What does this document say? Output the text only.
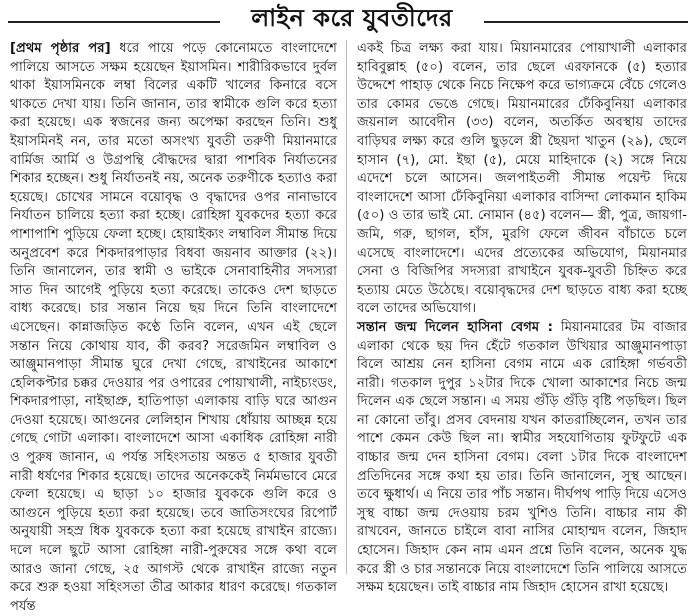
লাইন করে যুবতীদের

[প্রথম পৃষ্ঠার পর] ধরে পায়ে পড়ে কোনোমতে বাংলাদেশে পালিয়ে আসতে সক্ষম হয়েছেন ইয়াসমিন। শারীরিকভাবে দুর্বল থাকা ইয়াসমিনকে লম্বা বিলের একটি খালের কিনারে বসে থাকতে দেখা যায়। তিনি জানান, তার স্বামীকে গুলি করে হত্যা করা হয়েছে। এক স্বজনের জন্য অপেক্ষা করছেন তিনি। শুধু ইয়াসমিনই নন, তার মতো অসংখ্য যুবতী তরুণী মিয়ানমারে বার্মিজ আর্মি ও উগ্রপন্থি বৌদ্ধদের দ্বারা পাশবিক নির্যাতনের শিকার হচ্ছেন। শুধু নির্যাতনই নয়, অনেক তরুণীকে হত্যাও করা হয়েছে। চোখের সামনে বয়োবৃদ্ধ ও বৃদ্ধাদের ওপর নানাভাবে নির্যাতন চালিয়ে হত্যা করা হচ্ছে। রোহিঙ্গা যুবকদের হত্যা করে পাশাপাশি পুড়িয়ে ফেলা হচ্ছে। হোয়াইক্যং লম্বাবিল সীমান্ত দিয়ে অনুপ্রবেশ করে শিকদারপাড়ার বিধবা জয়নাব আক্তার (২২)। তিনি জানালেন, তার স্বামী ও ভাইকে সেনাবাহিনীর সদস্যরা সাত দিন আগেই পুড়িয়ে হত্যা করেছে। তাকেও দেশ ছাড়তে বাধ্য করেছে। চার সন্তান নিয়ে ছয় দিনে তিনি বাংলাদেশে এসেছেন। কান্নাজড়িত কণ্ঠে তিনি বলেন, এখন এই ছেলে সন্তান নিয়ে কোথায় যাব, কী করব? সরেজমিন লম্বাবিল ও আঞ্জুমানপাড়া সীমান্ত ঘুরে দেখা গেছে, রাখাইনের আকাশে হেলিকপ্টার চক্কর দেওয়ার পর ওপারের পোয়াখালী, নাইচ্যংডং, শিকদারপাড়া, নাইছাপ্রু, হাতিপাড়া এলাকায় বাড়ি ঘরে আগুন দেওয়া হয়েছে। আগুনের লেলিহান শিখায় ধোঁয়ায় আচ্ছন্ন হয়ে গেছে গোটা এলাকা। বাংলাদেশে আসা একাধিক রোহিঙ্গা নারী ও পুরুষ জানান, এ পর্যন্ত সহিংসতায় অন্তত ৫ হাজার যুবতী নারী ধর্ষণের শিকার হয়েছে। তাদের অনেককেই নির্মমভাবে মেরে ফেলা হয়েছে। এ ছাড়া ১০ হাজার যুবককে গুলি করে ও আগুনে পুড়িয়ে হত্যা করা হয়েছে। তবে জাতিসংঘের রিপোর্ট অনুযায়ী সহস্র ধিক যুবককে হত্যা করা হয়েছে রাখাইন রাজ্যে। দলে দলে ছুটে আসা রোহিঙ্গা নারী-পুরুষের সঙ্গে কথা বলে আরও জানা গেছে, ২৫ আগস্ট থেকে রাখাইন রাজ্যে নতুন করে শুরু হওয়া সহিংসতা তীব্র আকার ধারণ করেছে। গতকাল পর্যন্ত

একই চিত্র লক্ষ্য করা যায়। মিয়ানমারের পোয়াখালী এলাকার হাবিবুল্লাহ (৫০) বলেন, তার ছেলে এরফানকে (৫) হত্যার উদ্দেশে পাহাড় থেকে নিচে নিক্ষেপ করে ভাগ্যক্রমে বেঁচে গেলেও তার কোমর ভেঙে গেছে। মিয়ানমারের ঢেঁকিবুনিয়া এলাকার জয়নাল আবেদীন (৩৩) বলেন, অতর্কিত অবস্থায় তাদের বাড়িঘর লক্ষ্য করে গুলি ছুড়লে স্ত্রী ছৈয়দা খাতুন (২৯), ছেলে হাসান (৭), মো. ইছা (৫), মেয়ে মাহিদাকে (২) সঙ্গে নিয়ে এদেশে চলে আসেন। জলপাইতলী সীমান্ত পয়েন্ট দিয়ে বাংলাদেশে আসা ঢেঁকিবুনিয়া এলাকার বাসিন্দা লোকমান হাকিম (৫০) ও তার ভাই মো. নোমান (৪৫) বলেন— স্ত্রী, পুত্র, জায়গা-জমি, গরু, ছাগল, হাঁস, মুরগি ফেলে জীবন বাঁচাতে চলে এসেছে বাংলাদেশে। এদের প্রত্যেকের অভিযোগ, মিয়ানমার সেনা ও বিজিপির সদস্যরা রাখাইনে যুবক-যুবতী চিহ্নিত করে হত্যায় মেতে উঠেছে। বয়োবৃদ্ধদের দেশ ছাড়তে বাধ্য করা হচ্ছে বলে তাদের অভিযোগ।

সন্তান জন্ম দিলেন হাসিনা বেগম : মিয়ানমারের টম বাজার এলাকা থেকে ছয় দিন হেঁটে গতকাল উখিয়ার আঞ্জুমানপাড়া বিলে আশ্রয় নেন হাসিনা বেগম নামে এক রোহিঙ্গা গর্ভবতী নারী। গতকাল দুপুর ১২টার দিকে খোলা আকাশের নিচে জন্ম দিলেন এক ছেলে সন্তান। এ সময় গুঁড়ি গুঁড়ি বৃষ্টি পড়ছিল। ছিল না কোনো তাঁবু। প্রসব বেদনায় যখন কাতরাচ্ছিলেন, তখন তার পাশে কেমন কেউ ছিল না। স্বামীর সহযোগিতায় ফুটফুটে এক বাচ্চার জন্ম দেন হাসিনা বেগম। বেলা ১টার দিকে বাংলাদেশ প্রতিদিনের সঙ্গে কথা হয় তার। তিনি জানালেন, সুস্থ আছেন। তবে ক্ষুধার্থ। এ নিয়ে তার পাঁচ সন্তান। দীর্ঘপথ পাড়ি দিয়ে এসেও সুস্থ বাচ্চা জন্ম দেওয়ায় চরম খুশিও তিনি। বাচ্চার নাম কী রাখবেন, জানতে চাইলে বাবা নাসির মোহাম্মদ বলেন, জিহাদ হোসেন। জিহাদ কেন নাম এমন প্রশ্নে তিনি বলেন, অনেক যুদ্ধ করে স্ত্রী ও চার সন্তানকে নিয়ে বাংলাদেশে তিনি পালিয়ে আসতে সক্ষম হয়েছেন। তাই বাচ্চার নাম জিহাদ হোসেন রাখা হয়েছে।
